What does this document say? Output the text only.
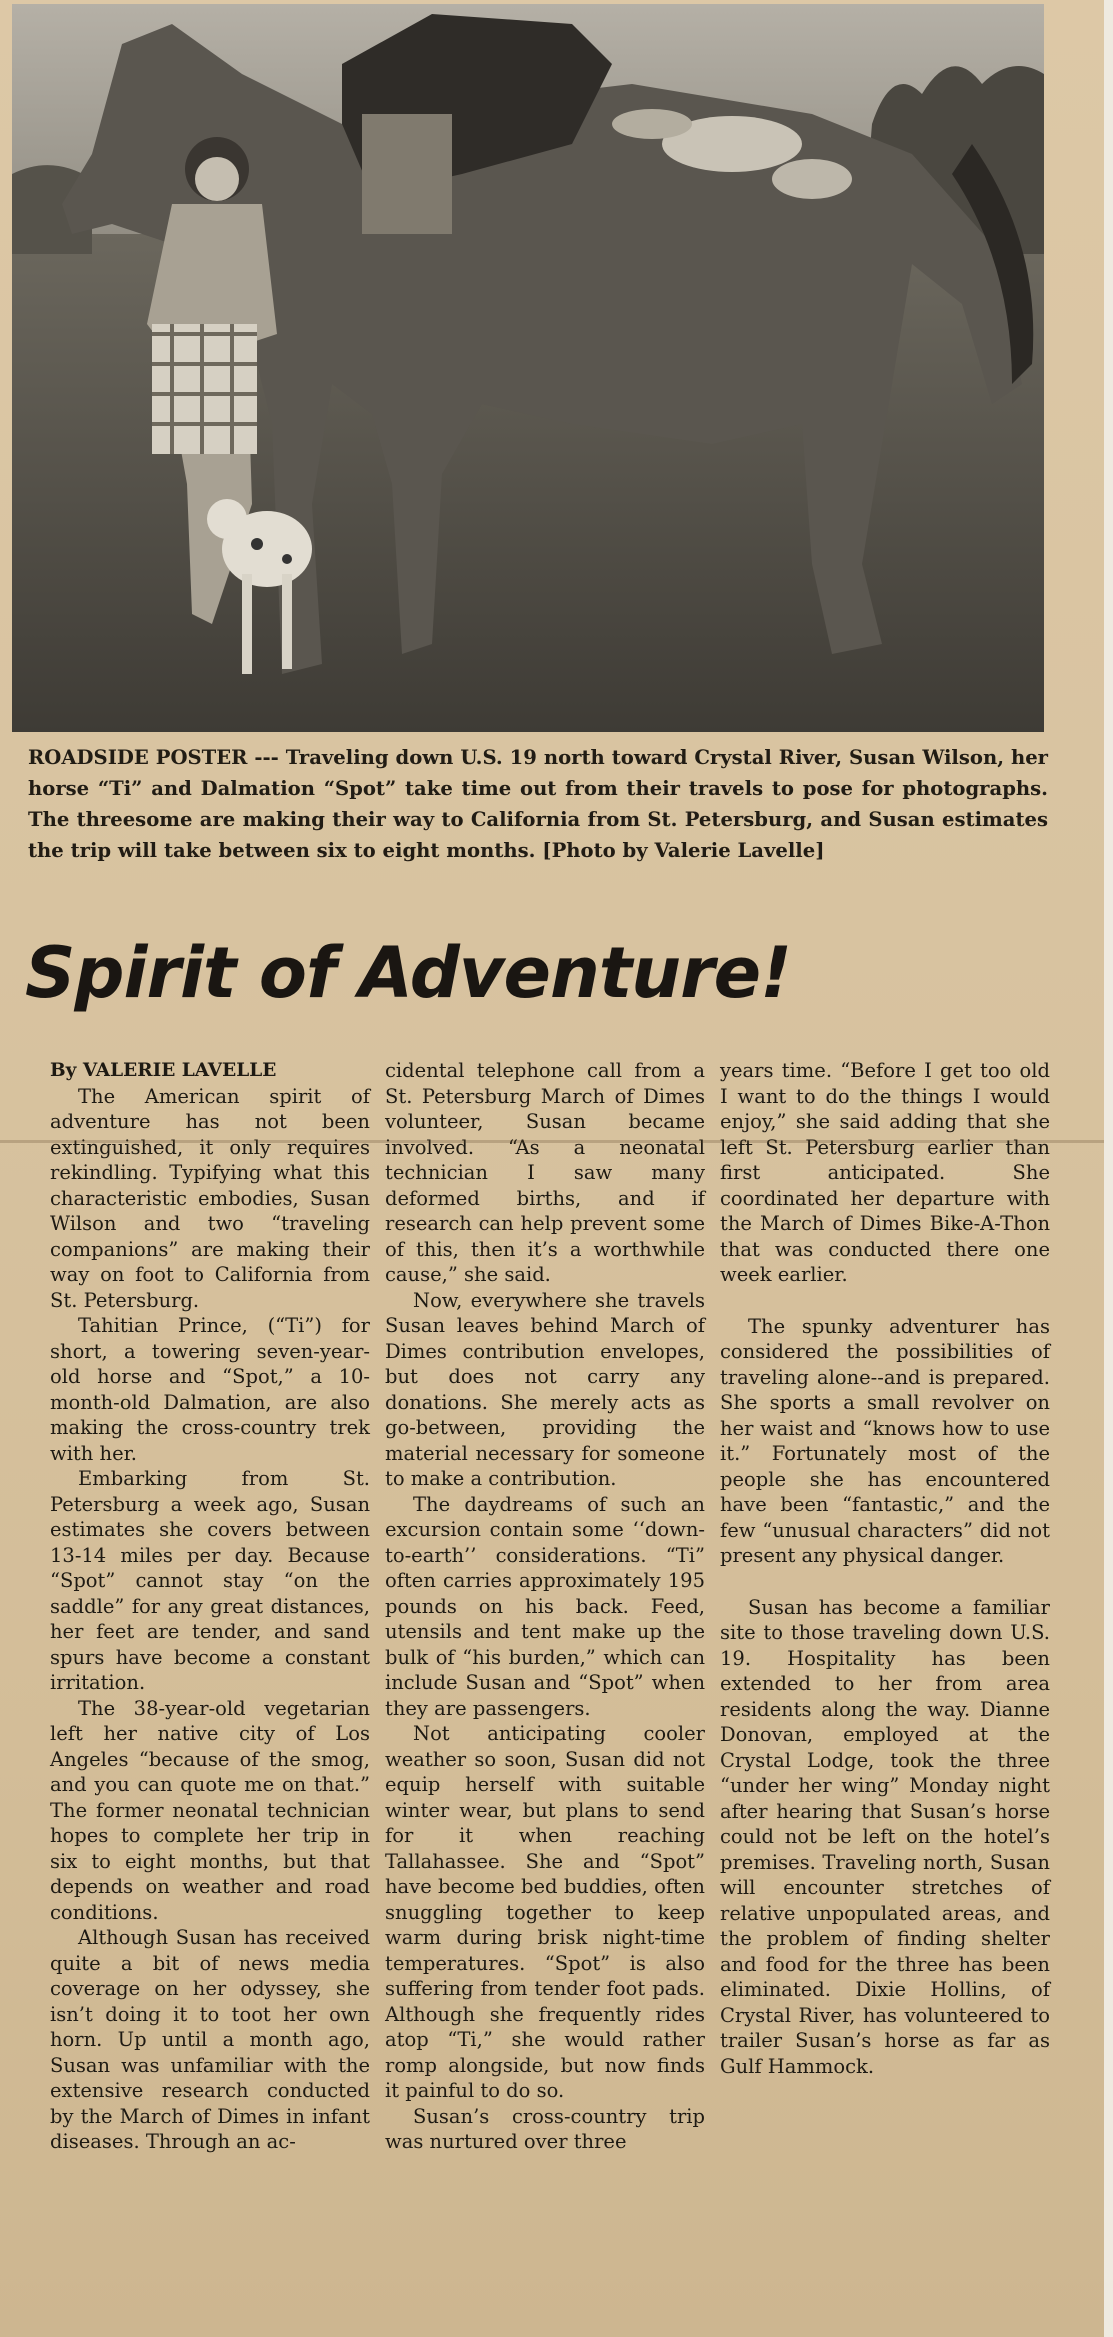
ROADSIDE POSTER --- Traveling down U.S. 19 north toward Crystal River, Susan Wilson, her horse “Ti” and Dalmation “Spot” take time out from their travels to pose for photographs. The threesome are making their way to California from St. Petersburg, and Susan estimates the trip will take between six to eight months. [Photo by Valerie Lavelle]
Spirit of Adventure!

By VALERIE LAVELLE

The American spirit of adventure has not been extinguished, it only requires rekindling. Typifying what this characteristic embodies, Susan Wilson and two “traveling companions” are making their way on foot to California from St. Petersburg.

Tahitian Prince, (“Ti”) for short, a towering seven-year-old horse and “Spot,” a 10-month-old Dalmation, are also making the cross-country trek with her.

Embarking from St. Petersburg a week ago, Susan estimates she covers between 13-14 miles per day. Because “Spot” cannot stay “on the saddle” for any great distances, her feet are tender, and sand spurs have become a constant irritation.

The 38-year-old vegetarian left her native city of Los Angeles “because of the smog, and you can quote me on that.” The former neonatal technician hopes to complete her trip in six to eight months, but that depends on weather and road conditions.

Although Susan has received quite a bit of news media coverage on her odyssey, she isn’t doing it to toot her own horn. Up until a month ago, Susan was unfamiliar with the extensive research conducted by the March of Dimes in infant diseases. Through an ac-

cidental telephone call from a St. Petersburg March of Dimes volunteer, Susan became involved. “As a neonatal technician I saw many deformed births, and if research can help prevent some of this, then it’s a worthwhile cause,” she said.

Now, everywhere she travels Susan leaves behind March of Dimes contribution envelopes, but does not carry any donations. She merely acts as go-between, providing the material necessary for someone to make a contribution.

The daydreams of such an excursion contain some ‘‘down-to-earth’’ considerations. “Ti” often carries approximately 195 pounds on his back. Feed, utensils and tent make up the bulk of “his burden,” which can include Susan and “Spot” when they are passengers.

Not anticipating cooler weather so soon, Susan did not equip herself with suitable winter wear, but plans to send for it when reaching Tallahassee. She and “Spot” have become bed buddies, often snuggling together to keep warm during brisk night-time temperatures. “Spot” is also suffering from tender foot pads. Although she frequently rides atop “Ti,” she would rather romp alongside, but now finds it painful to do so.

Susan’s cross-country trip was nurtured over three

years time. “Before I get too old I want to do the things I would enjoy,” she said adding that she left St. Petersburg earlier than first anticipated. She coordinated her departure with the March of Dimes Bike-A-Thon that was conducted there one week earlier.

The spunky adventurer has considered the possibilities of traveling alone--and is prepared. She sports a small revolver on her waist and “knows how to use it.” Fortunately most of the people she has encountered have been “fantastic,” and the few “unusual characters” did not present any physical danger.

Susan has become a familiar site to those traveling down U.S. 19. Hospitality has been extended to her from area residents along the way. Dianne Donovan, employed at the Crystal Lodge, took the three “under her wing” Monday night after hearing that Susan’s horse could not be left on the hotel’s premises. Traveling north, Susan will encounter stretches of relative unpopulated areas, and the problem of finding shelter and food for the three has been eliminated. Dixie Hollins, of Crystal River, has volunteered to trailer Susan’s horse as far as Gulf Hammock.
